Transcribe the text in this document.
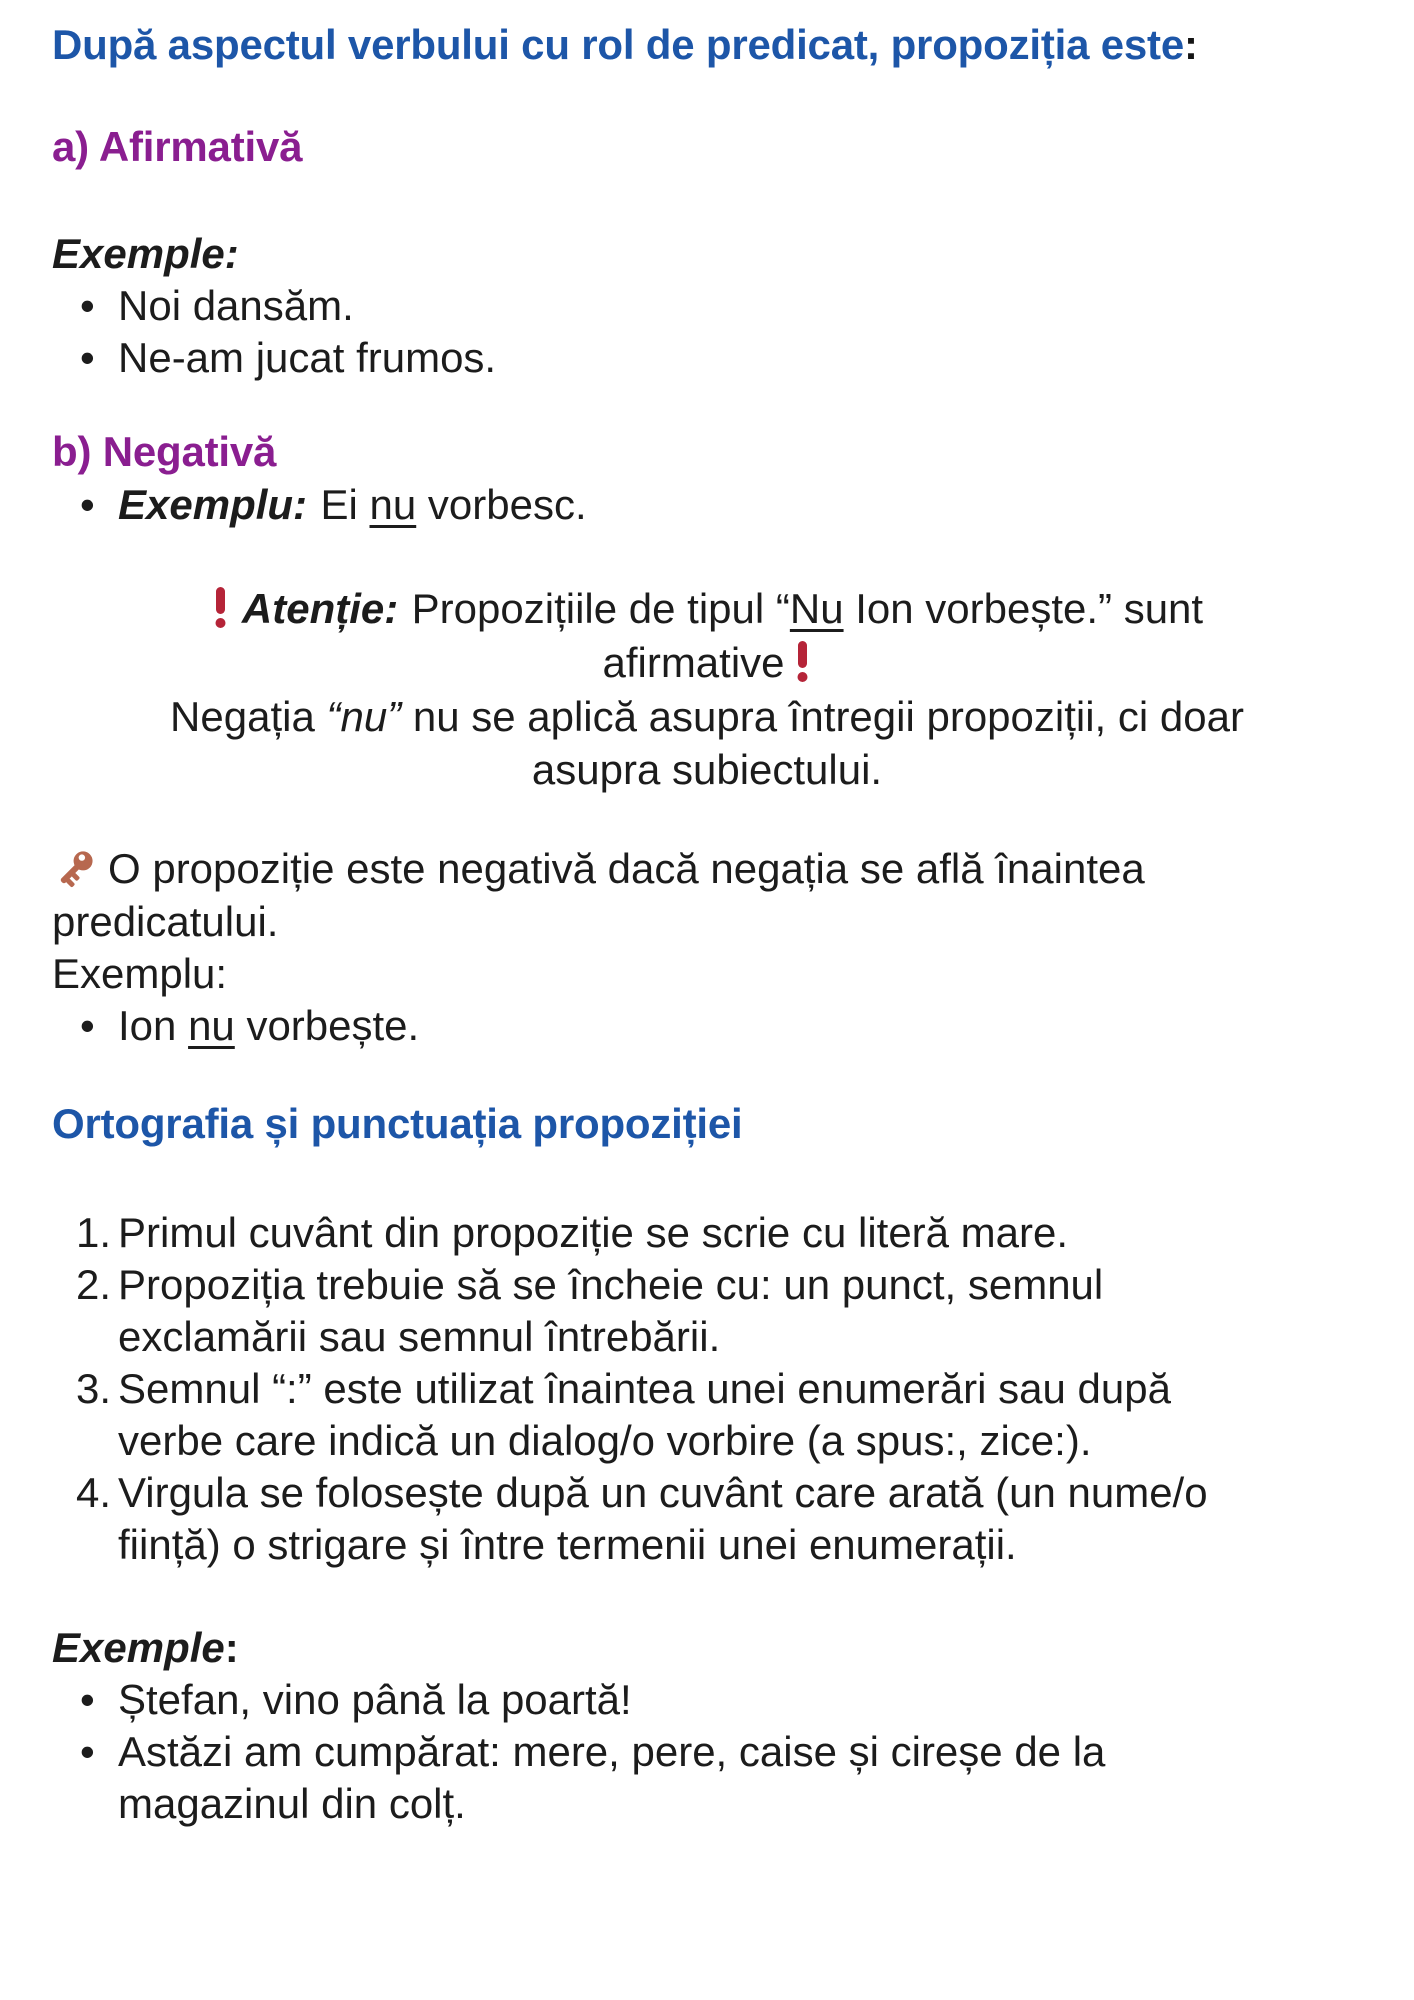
După aspectul verbului cu rol de predicat, propoziția este:
a) Afirmativă

Exemple:

• Noi dansăm.
• Ne-am jucat frumos.
b) Negativă
• Exemplu: Ei nu vorbesc.
Atenție: Propozițiile de tipul “Nu Ion vorbește.” sunt
afirmative
Negația “nu” nu se aplică asupra întregii propoziții, ci doar
asupra subiectului.

O propoziție este negativă dacă negația se află înaintea predicatului.

Exemplu:

• Ion nu vorbește.
Ortografia și punctuația propoziției
1. Primul cuvânt din propoziție se scrie cu literă mare.
2. Propoziția trebuie să se încheie cu: un punct, semnul exclamării sau semnul întrebării.
3. Semnul “:” este utilizat înaintea unei enumerări sau după verbe care indică un dialog/o vorbire (a spus:, zice:).
4. Virgula se folosește după un cuvânt care arată (un nume/o ființă) o strigare și între termenii unei enumerații.

Exemple:

• Ștefan, vino până la poartă!
• Astăzi am cumpărat: mere, pere, caise și cireșe de la magazinul din colț.
